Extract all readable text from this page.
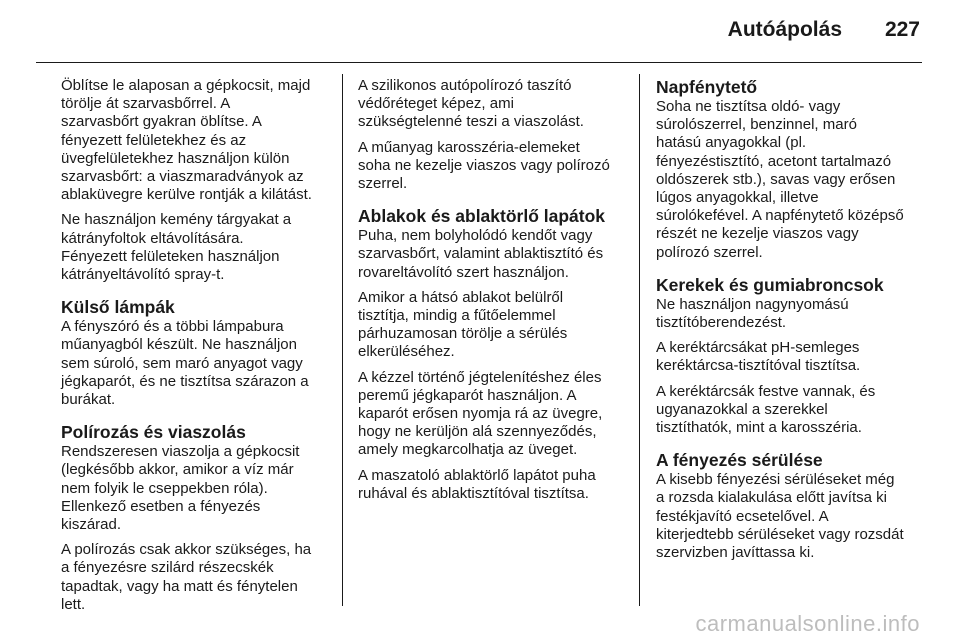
Autóápolás 227

Öblítse le alaposan a gépkocsit, majd
törölje át szarvasbőrrel. A
szarvasbőrt gyakran öblítse. A
fényezett felületekhez és az
üvegfelületekhez használjon külön
szarvasbőrt: a viaszmaradványok az
ablaküvegre kerülve rontják a kilátást.

Ne használjon kemény tárgyakat a
kátrányfoltok eltávolítására.
Fényezett felületeken használjon
kátrányeltávolító spray-t.

Külső lámpák

A fényszóró és a többi lámpabura
műanyagból készült. Ne használjon
sem súroló, sem maró anyagot vagy
jégkaparót, és ne tisztítsa szárazon a
burákat.

Polírozás és viaszolás

Rendszeresen viaszolja a gépkocsit
(legkésőbb akkor, amikor a víz már
nem folyik le cseppekben róla).
Ellenkező esetben a fényezés
kiszárad.

A polírozás csak akkor szükséges, ha
a fényezésre szilárd részecskék
tapadtak, vagy ha matt és fénytelen
lett.

A szilikonos autópolírozó taszító
védőréteget képez, ami
szükségtelenné teszi a viaszolást.

A műanyag karosszéria-elemeket
soha ne kezelje viaszos vagy polírozó
szerrel.

Ablakok és ablaktörlő lapátok

Puha, nem bolyholódó kendőt vagy
szarvasbőrt, valamint ablaktisztító és
rovareltávolító szert használjon.

Amikor a hátsó ablakot belülről
tisztítja, mindig a fűtőelemmel
párhuzamosan törölje a sérülés
elkerüléséhez.

A kézzel történő jégtelenítéshez éles
peremű jégkaparót használjon. A
kaparót erősen nyomja rá az üvegre,
hogy ne kerüljön alá szennyeződés,
amely megkarcolhatja az üveget.

A maszatoló ablaktörlő lapátot puha
ruhával és ablaktisztítóval tisztítsa.

Napfénytető

Soha ne tisztítsa oldó- vagy
súrolószerrel, benzinnel, maró
hatású anyagokkal (pl.
fényezéstisztító, acetont tartalmazó
oldószerek stb.), savas vagy erősen
lúgos anyagokkal, illetve
súrolókefével. A napfénytető középső
részét ne kezelje viaszos vagy
polírozó szerrel.

Kerekek és gumiabroncsok

Ne használjon nagynyomású
tisztítóberendezést.

A keréktárcsákat pH-semleges
keréktárcsa-tisztítóval tisztítsa.

A keréktárcsák festve vannak, és
ugyanazokkal a szerekkel
tisztíthatók, mint a karosszéria.

A fényezés sérülése

A kisebb fényezési sérüléseket még
a rozsda kialakulása előtt javítsa ki
festékjavító ecsetelővel. A
kiterjedtebb sérüléseket vagy rozsdát
szervizben javíttassa ki.

carmanualsonline.info
